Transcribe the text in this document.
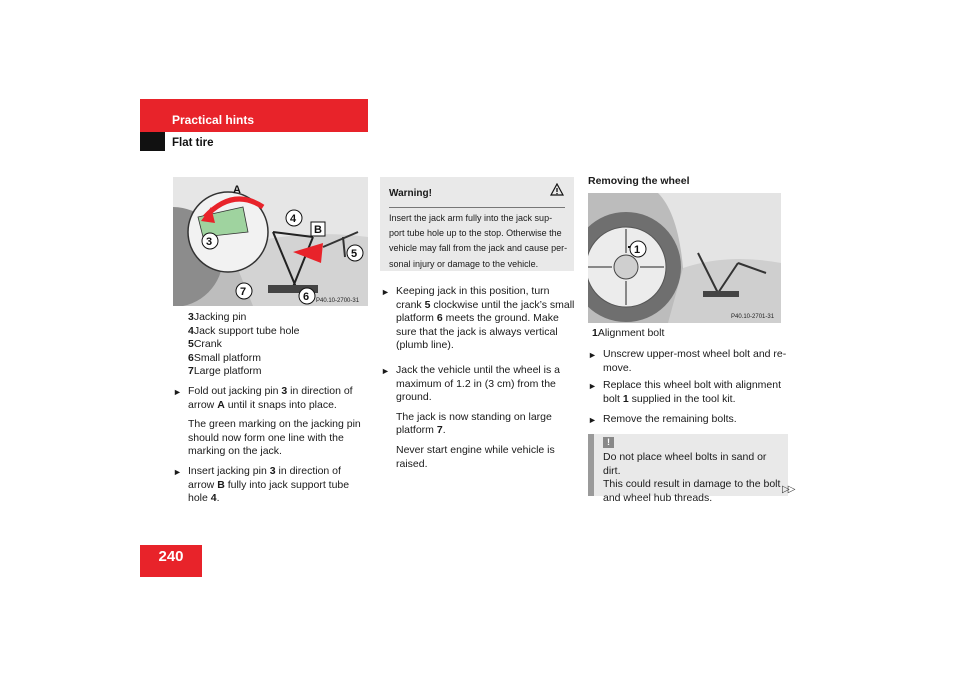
Practical hints
Flat tire
A
4
3
B
5
7	6 P40.10-2700-31
3Jacking pin
4Jack support tube hole
5Crank
6Small platform
7Large platform
► Fold out jacking pin 3 in direction of
arrow A until it snaps into place.
The green marking on the jacking pin
should now form one line with the
marking on the jack.
► Insert jacking pin 3 in direction of
arrow B fully into jack support tube
hole 4.
Warning!
Insert the jack arm fully into the jack sup-
port tube hole up to the stop. Otherwise the
vehicle may fall from the jack and cause per-
sonal injury or damage to the vehicle.
► Keeping jack in this position, turn
crank 5 clockwise until the jack’s small
platform 6 meets the ground. Make
sure that the jack is always vertical
(plumb line).
► Jack the vehicle until the wheel is a
maximum of 1.2 in (3 cm) from the
ground.
The jack is now standing on large
platform 7.
Never start engine while vehicle is
raised.
Removing the wheel
1
P40.10-2701-31
1Alignment bolt
► Unscrew upper-most wheel bolt and re-
move.
► Replace this wheel bolt with alignment
bolt 1 supplied in the tool kit.
► Remove the remaining bolts.
!
Do not place wheel bolts in sand or dirt.
This could result in damage to the bolt
and wheel hub threads.
▷▷
240
